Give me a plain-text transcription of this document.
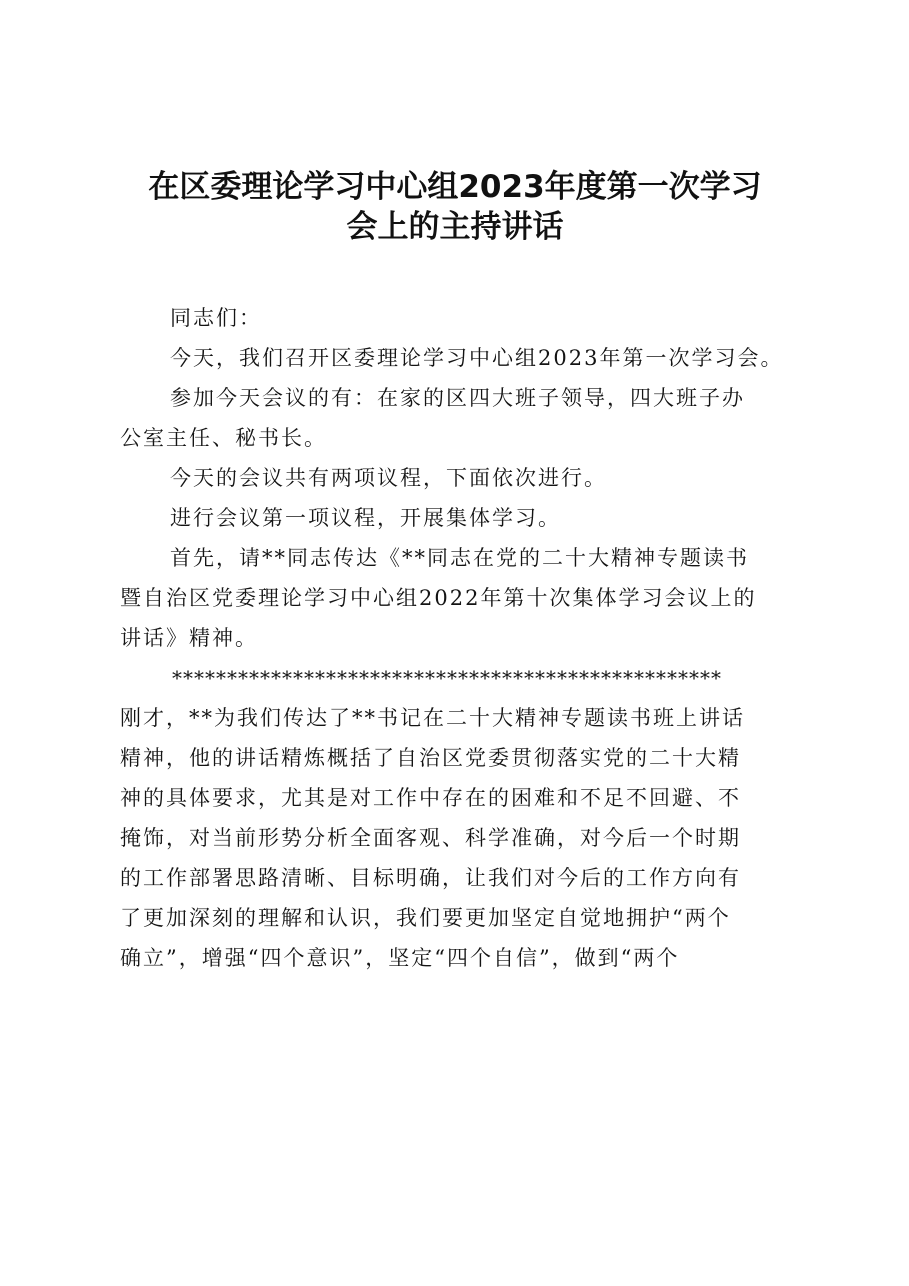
在区委理论学习中心组2023年度第一次学习
会上的主持讲话
同志们：
今天，我们召开区委理论学习中心组2023年第一次学习会。
参加今天会议的有：在家的区四大班子领导，四大班子办
公室主任、秘书长。
今天的会议共有两项议程，下面依次进行。
进行会议第一项议程，开展集体学习。
首先，请**同志传达《**同志在党的二十大精神专题读书
暨自治区党委理论学习中心组2022年第十次集体学习会议上的
讲话》精神。
**************************************************
刚才，**为我们传达了**书记在二十大精神专题读书班上讲话
精神，他的讲话精炼概括了自治区党委贯彻落实党的二十大精
神的具体要求，尤其是对工作中存在的困难和不足不回避、不
掩饰，对当前形势分析全面客观、科学准确，对今后一个时期
的工作部署思路清晰、目标明确，让我们对今后的工作方向有
了更加深刻的理解和认识，我们要更加坚定自觉地拥护“两个
确立”，增强“四个意识”，坚定“四个自信”，做到“两个
